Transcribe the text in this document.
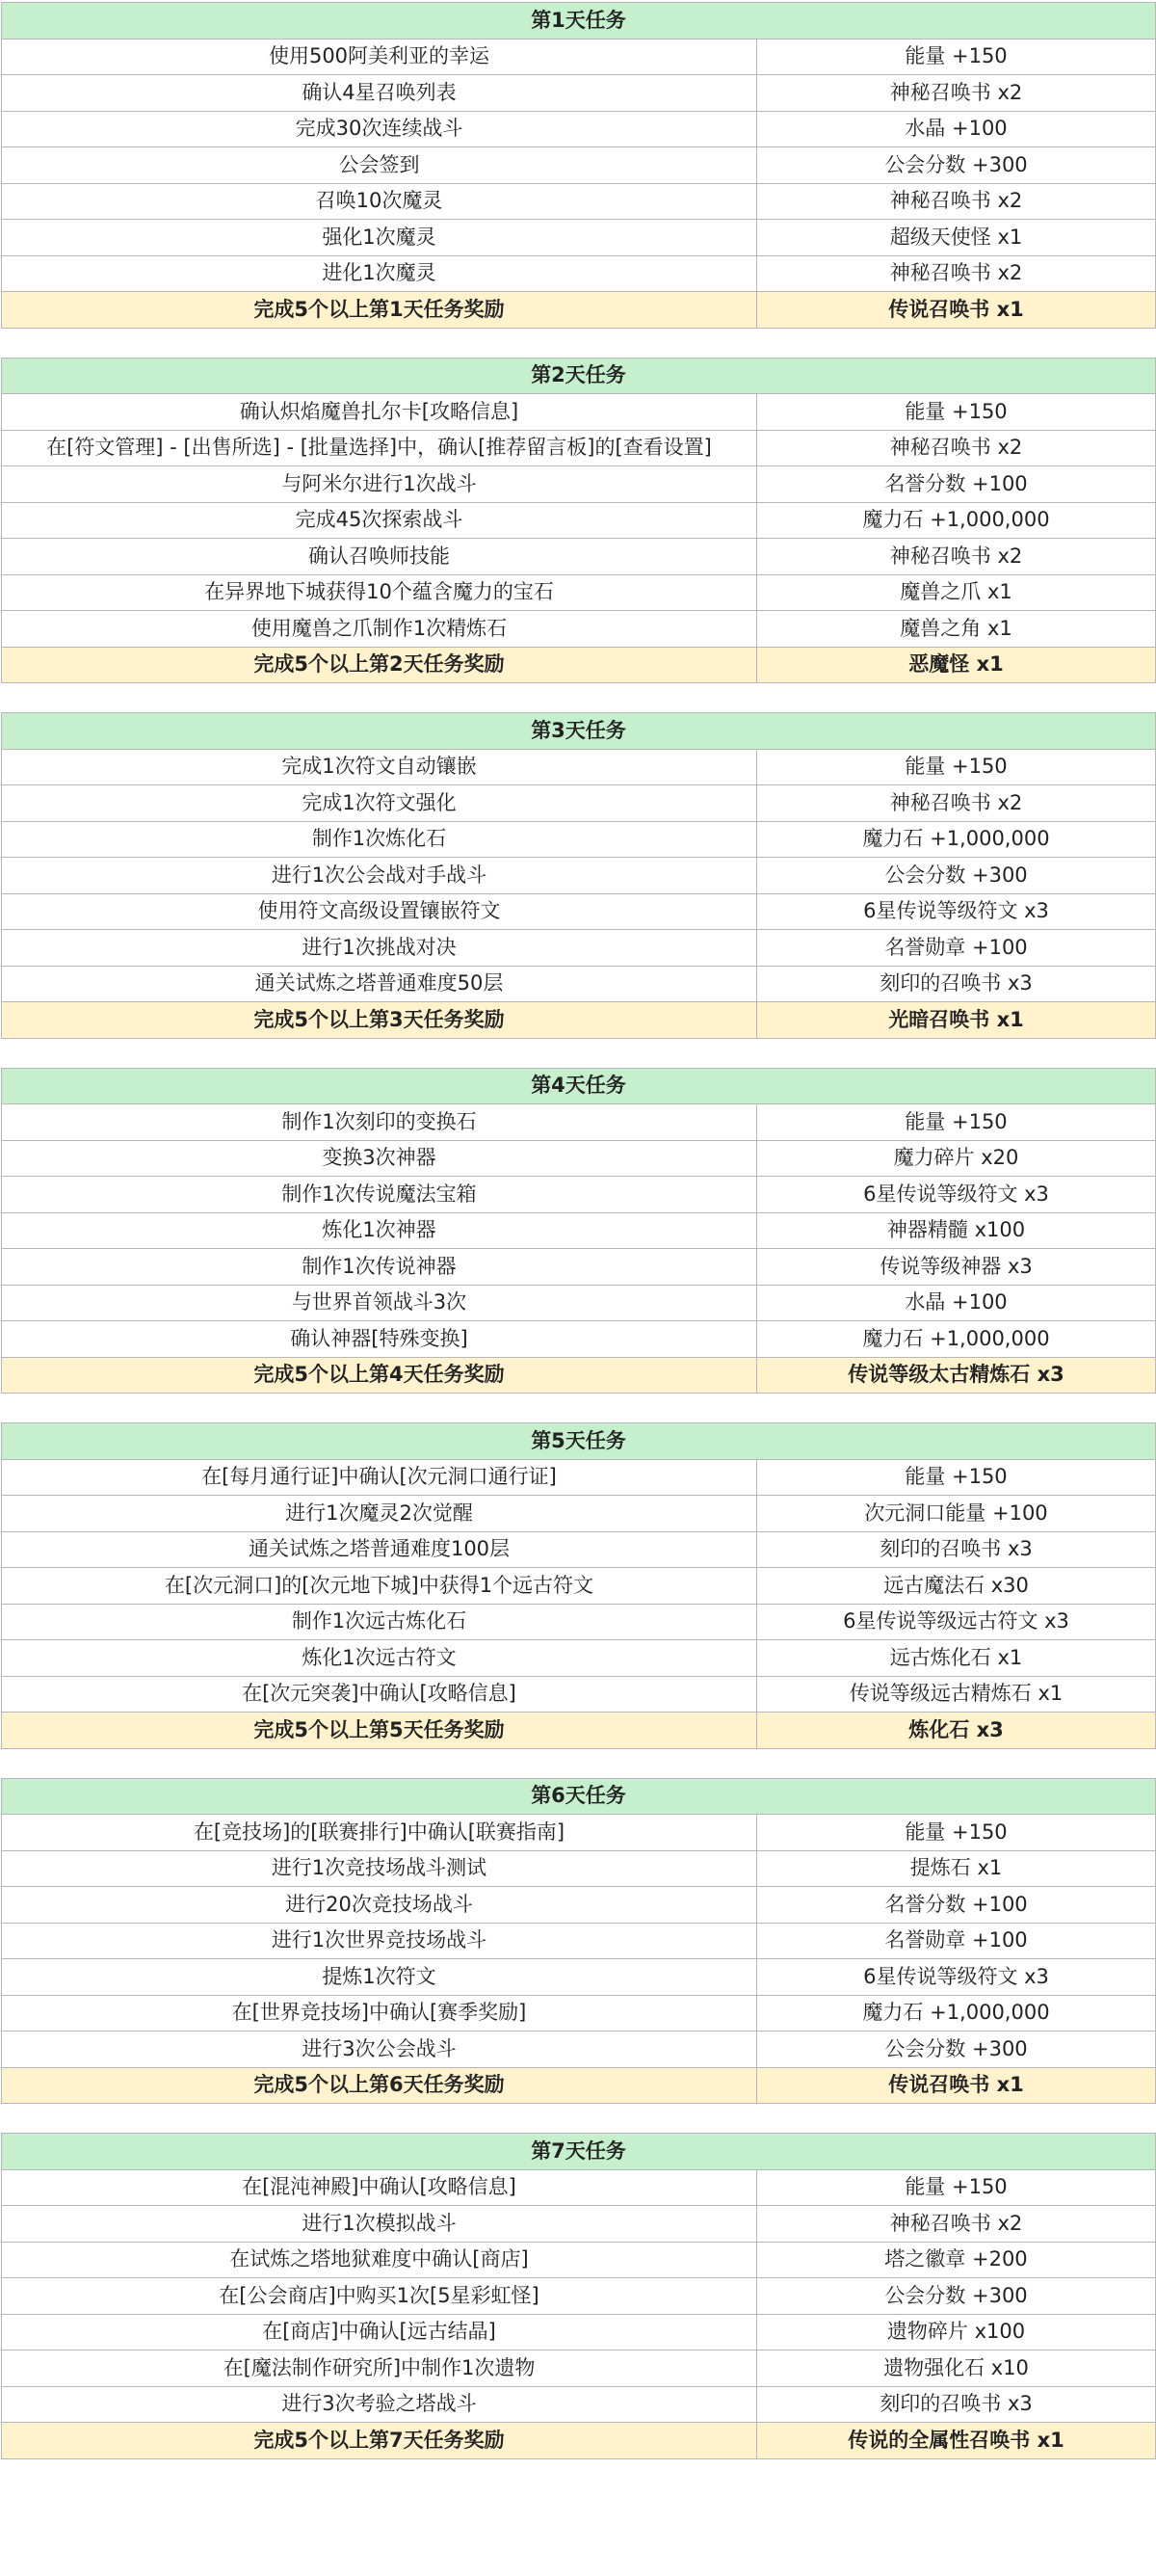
第1天任务	
使用500阿美利亚的幸运	能量 +150
确认4星召唤列表	神秘召唤书 x2
完成30次连续战斗	水晶 +100
公会签到	公会分数 +300
召唤10次魔灵	神秘召唤书 x2
强化1次魔灵	超级天使怪 x1
进化1次魔灵	神秘召唤书 x2
完成5个以上第1天任务奖励	传说召唤书 x1
第2天任务	
确认炽焰魔兽扎尔卡[攻略信息]	能量 +150
在[符文管理] - [出售所选] - [批量选择]中，确认[推荐留言板]的[查看设置]	神秘召唤书 x2
与阿米尔进行1次战斗	名誉分数 +100
完成45次探索战斗	魔力石 +1,000,000
确认召唤师技能	神秘召唤书 x2
在异界地下城获得10个蕴含魔力的宝石	魔兽之爪 x1
使用魔兽之爪制作1次精炼石	魔兽之角 x1
完成5个以上第2天任务奖励	恶魔怪 x1
第3天任务	
完成1次符文自动镶嵌	能量 +150
完成1次符文强化	神秘召唤书 x2
制作1次炼化石	魔力石 +1,000,000
进行1次公会战对手战斗	公会分数 +300
使用符文高级设置镶嵌符文	6星传说等级符文 x3
进行1次挑战对决	名誉勋章 +100
通关试炼之塔普通难度50层	刻印的召唤书 x3
完成5个以上第3天任务奖励	光暗召唤书 x1
第4天任务	
制作1次刻印的变换石	能量 +150
变换3次神器	魔力碎片 x20
制作1次传说魔法宝箱	6星传说等级符文 x3
炼化1次神器	神器精髓 x100
制作1次传说神器	传说等级神器 x3
与世界首领战斗3次	水晶 +100
确认神器[特殊变换]	魔力石 +1,000,000
完成5个以上第4天任务奖励	传说等级太古精炼石 x3
第5天任务	
在[每月通行证]中确认[次元洞口通行证]	能量 +150
进行1次魔灵2次觉醒	次元洞口能量 +100
通关试炼之塔普通难度100层	刻印的召唤书 x3
在[次元洞口]的[次元地下城]中获得1个远古符文	远古魔法石 x30
制作1次远古炼化石	6星传说等级远古符文 x3
炼化1次远古符文	远古炼化石 x1
在[次元突袭]中确认[攻略信息]	传说等级远古精炼石 x1
完成5个以上第5天任务奖励	炼化石 x3
第6天任务	
在[竞技场]的[联赛排行]中确认[联赛指南]	能量 +150
进行1次竞技场战斗测试	提炼石 x1
进行20次竞技场战斗	名誉分数 +100
进行1次世界竞技场战斗	名誉勋章 +100
提炼1次符文	6星传说等级符文 x3
在[世界竞技场]中确认[赛季奖励]	魔力石 +1,000,000
进行3次公会战斗	公会分数 +300
完成5个以上第6天任务奖励	传说召唤书 x1
第7天任务	
在[混沌神殿]中确认[攻略信息]	能量 +150
进行1次模拟战斗	神秘召唤书 x2
在试炼之塔地狱难度中确认[商店]	塔之徽章 +200
在[公会商店]中购买1次[5星彩虹怪]	公会分数 +300
在[商店]中确认[远古结晶]	遗物碎片 x100
在[魔法制作研究所]中制作1次遗物	遗物强化石 x10
进行3次考验之塔战斗	刻印的召唤书 x3
完成5个以上第7天任务奖励	传说的全属性召唤书 x1
